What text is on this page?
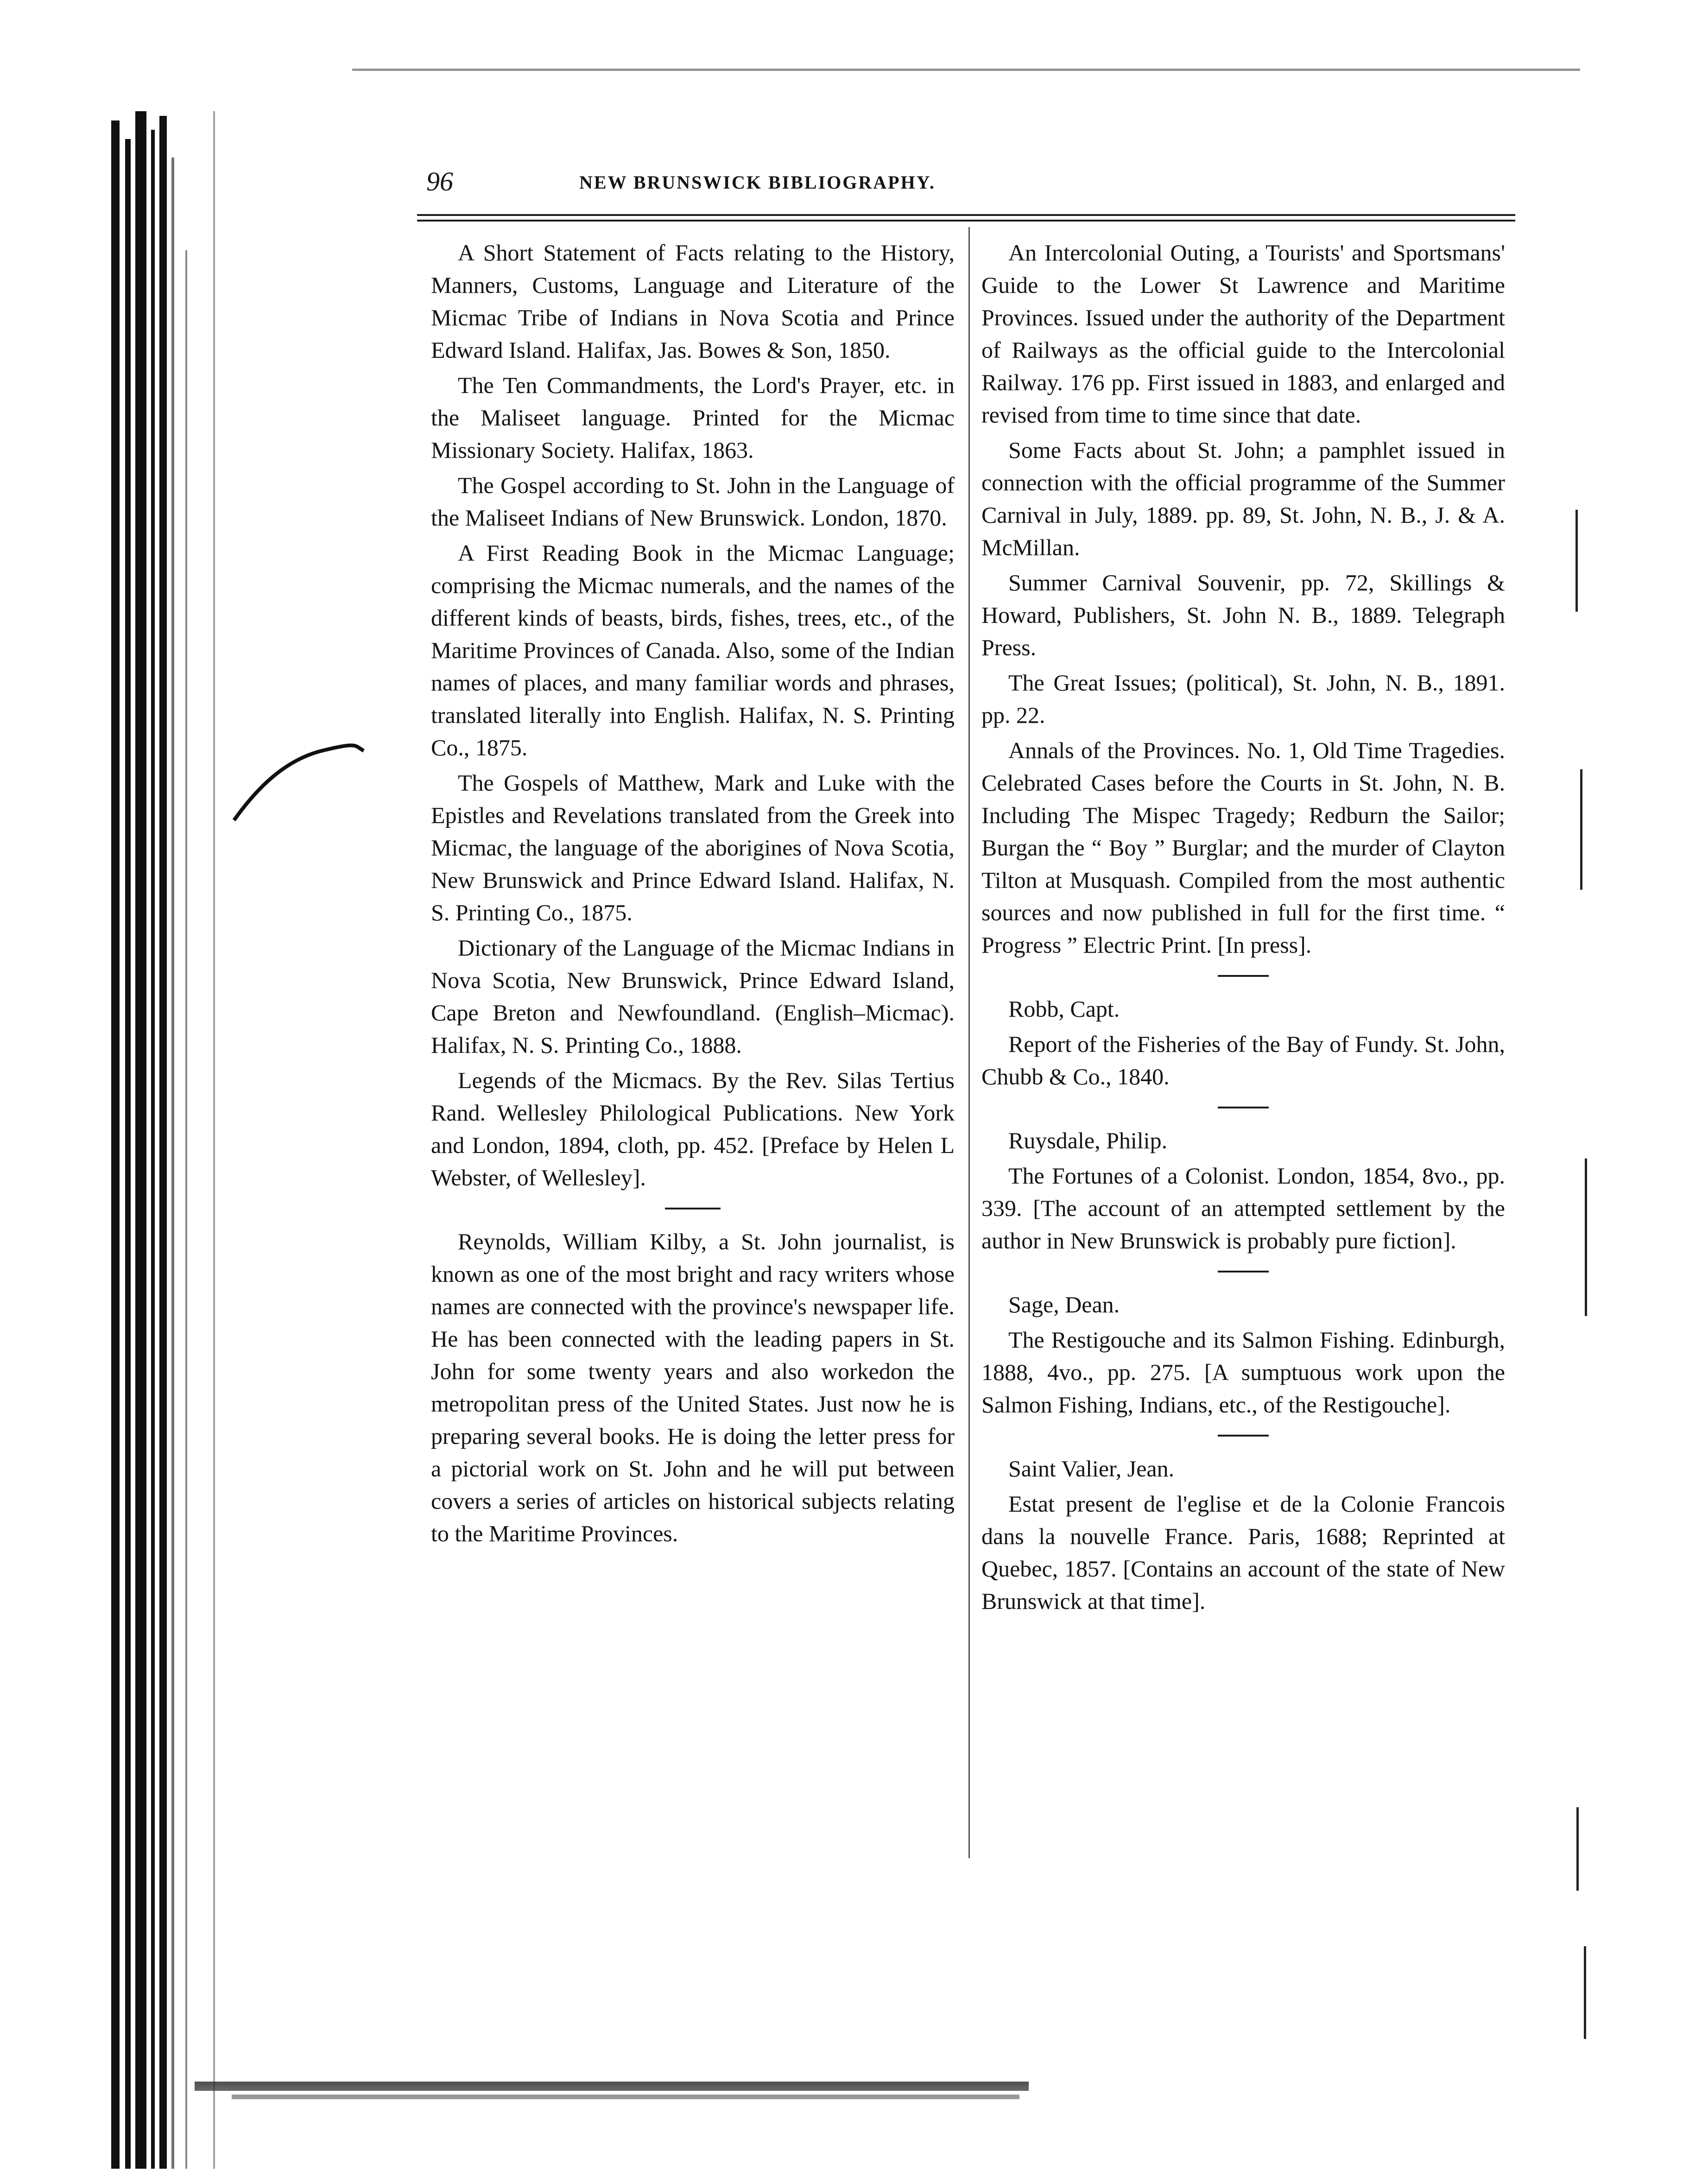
96	NEW BRUNSWICK BIBLIOGRAPHY.

A Short Statement of Facts relating to the History, Manners, Customs, Language and Literature of the Micmac Tribe of Indians in Nova Scotia and Prince Edward Island. Halifax, Jas. Bowes & Son, 1850.

The Ten Commandments, the Lord's Prayer, etc. in the Maliseet language. Printed for the Micmac Missionary Society. Halifax, 1863.

The Gospel according to St. John in the Language of the Maliseet Indians of New Brunswick. London, 1870.

A First Reading Book in the Micmac Language; comprising the Micmac numerals, and the names of the different kinds of beasts, birds, fishes, trees, etc., of the Maritime Provinces of Canada. Also, some of the Indian names of places, and many familiar words and phrases, translated literally into English. Halifax, N. S. Printing Co., 1875.

The Gospels of Matthew, Mark and Luke with the Epistles and Revelations translated from the Greek into Micmac, the language of the aborigines of Nova Scotia, New Brunswick and Prince Edward Island. Halifax, N. S. Printing Co., 1875.

Dictionary of the Language of the Micmac Indians in Nova Scotia, New Brunswick, Prince Edward Island, Cape Breton and Newfoundland. (English–Micmac). Halifax, N. S. Printing Co., 1888.

Legends of the Micmacs. By the Rev. Silas Tertius Rand. Wellesley Philological Publications. New York and London, 1894, cloth, pp. 452. [Preface by Helen L Webster, of Wellesley].

Reynolds, William Kilby, a St. John journalist, is known as one of the most bright and racy writers whose names are connected with the province's newspaper life. He has been connected with the leading papers in St. John for some twenty years and also workedon the metropolitan press of the United States. Just now he is preparing several books. He is doing the letter press for a pictorial work on St. John and he will put between covers a series of articles on historical subjects relating to the Maritime Provinces.

An Intercolonial Outing, a Tourists' and Sportsmans' Guide to the Lower St Lawrence and Maritime Provinces. Issued under the authority of the Department of Railways as the official guide to the Intercolonial Railway. 176 pp. First issued in 1883, and enlarged and revised from time to time since that date.

Some Facts about St. John; a pamphlet issued in connection with the official programme of the Summer Carnival in July, 1889. pp. 89, St. John, N. B., J. & A. McMillan.

Summer Carnival Souvenir, pp. 72, Skillings & Howard, Publishers, St. John N. B., 1889. Telegraph Press.

The Great Issues; (political), St. John, N. B., 1891. pp. 22.

Annals of the Provinces. No. 1, Old Time Tragedies. Celebrated Cases before the Courts in St. John, N. B. Including The Mispec Tragedy; Redburn the Sailor; Burgan the “ Boy ” Burglar; and the murder of Clayton Tilton at Musquash. Compiled from the most authentic sources and now published in full for the first time. “ Progress ” Electric Print. [In press].

Robb, Capt.

Report of the Fisheries of the Bay of Fundy. St. John, Chubb & Co., 1840.

Ruysdale, Philip.

The Fortunes of a Colonist. London, 1854, 8vo., pp. 339. [The account of an attempted settlement by the author in New Brunswick is probably pure fiction].

Sage, Dean.

The Restigouche and its Salmon Fishing. Edinburgh, 1888, 4vo., pp. 275. [A sumptuous work upon the Salmon Fishing, Indians, etc., of the Restigouche].

Saint Valier, Jean.

Estat present de l'eglise et de la Colonie Francois dans la nouvelle France. Paris, 1688; Reprinted at Quebec, 1857. [Contains an account of the state of New Brunswick at that time].
